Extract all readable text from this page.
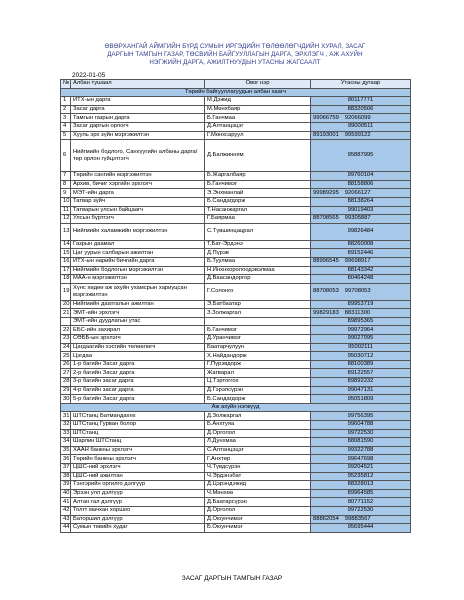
ӨВӨРХАНГАЙ АЙМГИЙН БҮРД СУМЫН ИРГЭДИЙН ТӨЛӨӨЛӨГЧДИЙН ХУРАЛ, ЗАСАГ
ДАРГЫН ТАМГЫН ГАЗАР, ТӨСВИЙН БАЙГУУЛЛАГЫН ДАРГА, ЭРХЛЭГЧ , АЖ АХУЙН
НЭГЖИЙН ДАРГА, АЖИЛТНУУДЫН УТАСНЫ ЖАГСААЛТ
2022-01-05
№	Албан тушаал	Овог нэр	Утасны дугаар
Төрийн байгууллагуудын албан хаагч			
1	ИТХ-ын дарга	М.Дэжид	80117771
2	Засаг дарга	М.Мөнхбаяр	88320506
3	Тамгын газрын дарга	Б.Ганчмаа	99066759 92066099
4	Засаг даргын орлогч	Д.Алтанцэцэг	99000511
5	Хууль эрх зүйн мэргэжилтэн	Г.Мөнхсаруул	89193001 99599122
6	Нийгмийн бодлого, Санхүүгийн албаны дарга/ төр орлон гүйцэтгэгч	Д.Балжинням	95887995
7	Төрийн сангийн мэргэжилтэн	Б.Жаргалбаяр	99760104
8	Архив, бичиг хэргийн эрхлэгч	Б.Ганчимэг	88158806
9	МЭТ-ийн дарга	Э.Энхманлай	99989295 92066127
10	Татвар зүйч	Б.Сандагдорж	88138264
11	Татварын улсын байцаагч	Т.Насанжаргал	99019403
12	Улсын бүртгэгч	Г.Баярмаа	88708565 99305887
13	Нийгмийн халамжийн мэргэжилтэн	С.Түвшинцацрал	99826484
14	Газрын даамал	Т.Бат-Эрдэнэ	88260008
15	Цаг уурын салбарын ажилтан	Д.Пүрэв	89152446
16	ИТХ-ын нарийн бичгийн дарга	Б.Туулмаа	88996545 99698917
17	Нийгмийн бодлогын мэргэжилтэн	Н.Инхнхоролоодэвэлмаа	88143342
18	МАА-н мэргэжилтэн	Д.Вааcандоргор	80464248
19	Хүнс хөдөө аж ахуйн ухамсрын хариуцсан мэргэжилтэн	Г.Солонго	88708053 99708053
20	Нийгмийн даатгалын ажилтан	Э.Батбаатар	89953719
21	ЭМТ-ийн эрхлэгч	З.Золжаргал	99829183 88311300
	ЭМТ-ийн дуудлагын утас		89895365
22	ЕБС-ийн захирал	Б.Ганчимэг	99972964
23	СӨББ-ын эрхлэгч	Д.Уранчимэг	99027095
24	Цагдаагийн хэсгийн төлөөлөгч	Баатарчулуун	95002111
25	Цэгдаа	Х.Найдандорж	95030712
26	1-р багийн Засаг дарга	Г.Пүрэвдорж	88100389
27	2-р багийн Засаг дарга	Жагварал	89122557
28	3-р багийн засаг дарга	Ц.Тэртоггох	89892232
29	4-р багийн засаг дарга	Д.Гэрэлсүрэн	99047131
30	5-р багийн Засаг дарга	Б.Сандагдорж	95051809
Аж ахуйн нэгжүүд			
31	ШТСтанц Батмандахнх	Д.Золжаргал	99756395
32	ШТСтанц Гурван болор	Б.Анхтуяа	99604788
33	ШТСтанц	Д.Орголол	99722530
34	Шарлин ШТСтанц	Л.Дунхмаа	88081590
35	ХААН банкны эрхлэгч	С.Алтанцэцэг	99322788
36	Төрийн банкны эрхлэгч	Г.Анхтөр	99647698
37	ЦШС-ний эрхлэгч	Ч.Түвдсүрэн	99204521
38	ЦШС-ний ажилтан	Ч.Эрдэнэбат	95235812
39	Тэнгэрийн оргилго дэлгүүр	Д.Цэрэндэжид	88328013
40	Эрэзн улл дэлгүүр	Ч.Мөнхөө	89964585
41	Алтан гал дэлгүүр	Д.Баатарсүрэн	80771152
42	Толгт мачхан хоршоо	Д.Орголол	99722530
43	Баторшил дэлгүүр	Д.Оюунчимэг	88862054 99883567
44	Сумын төвийн худаг	Б.Оюунчимэг	95695444
ЗАСАГ ДАРГЫН ТАМГЫН ГАЗАР
